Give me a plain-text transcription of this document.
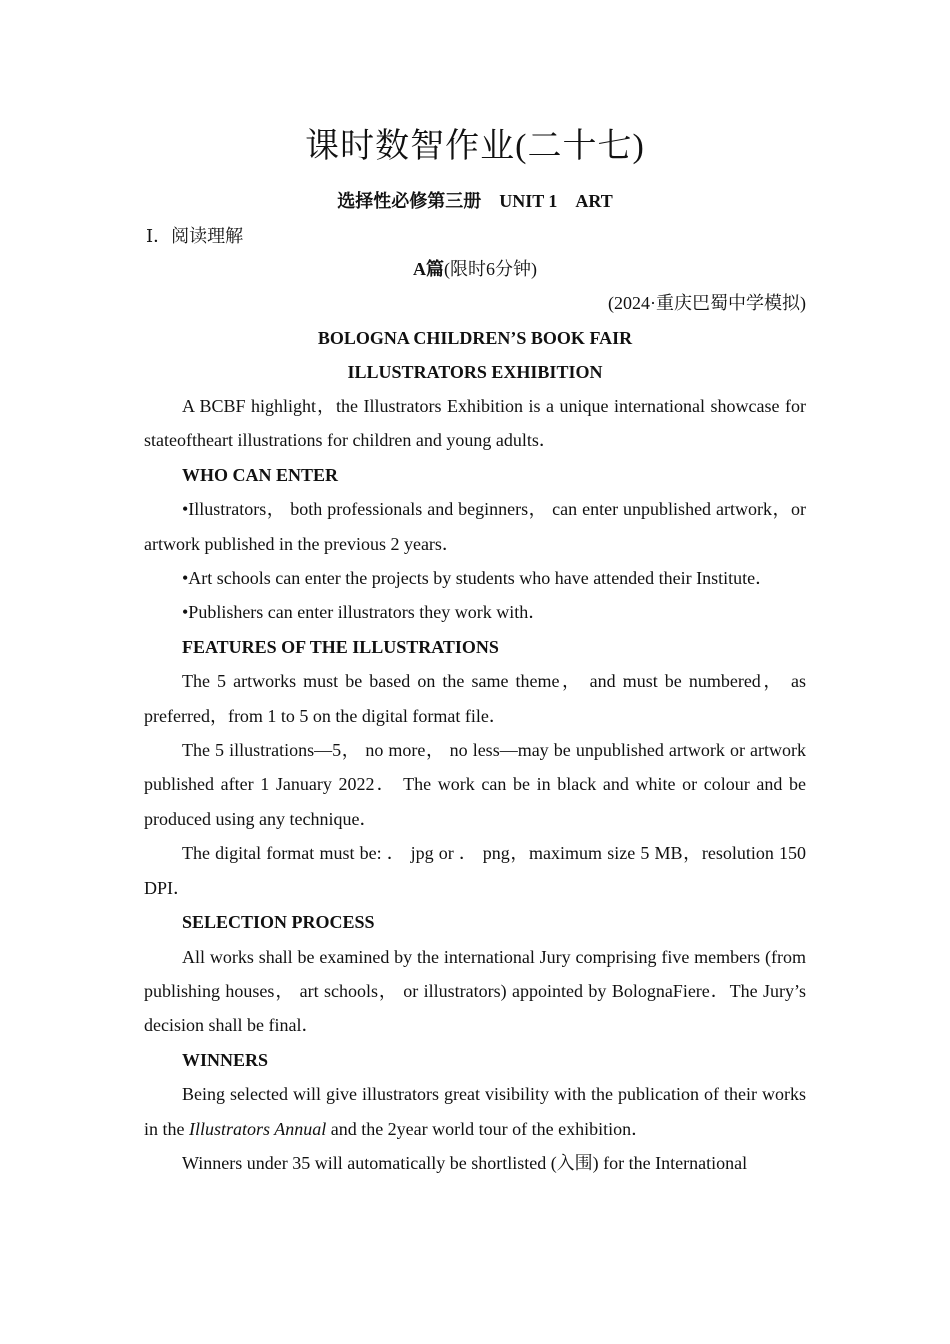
课时数智作业(二十七)
选择性必修第三册　UNIT 1　ART
Ⅰ．阅读理解
A篇(限时6分钟)
(2024·重庆巴蜀中学模拟)
BOLOGNA CHILDREN’S BOOK FAIR
ILLUSTRATORS EXHIBITION

A BCBF highlight，the Illustrators Exhibition is a unique international showcase for stateoftheart illustrations for children and young adults．

WHO CAN ENTER

•Illustrators， both professionals and beginners， can enter unpublished artwork，or artwork published in the previous 2 years．

•Art schools can enter the projects by students who have attended their Institute．

•Publishers can enter illustrators they work with．

FEATURES OF THE ILLUSTRATIONS

The 5 artworks must be based on the same theme， and must be numbered， as preferred，from 1 to 5 on the digital format file．

The 5 illustrations—5， no more， no less—may be unpublished artwork or artwork published after 1 January 2022． The work can be in black and white or colour and be produced using any technique．

The digital format must be: ． jpg or ． png，maximum size 5 MB，resolution 150 DPI．

SELECTION PROCESS

All works shall be examined by the international Jury comprising five members (from publishing houses， art schools， or illustrators) appointed by BolognaFiere．The Jury’s decision shall be final．

WINNERS

Being selected will give illustrators great visibility with the publication of their works in the Illustrators Annual and the 2year world tour of the exhibition．

Winners under 35 will automatically be shortlisted (入围) for the International
